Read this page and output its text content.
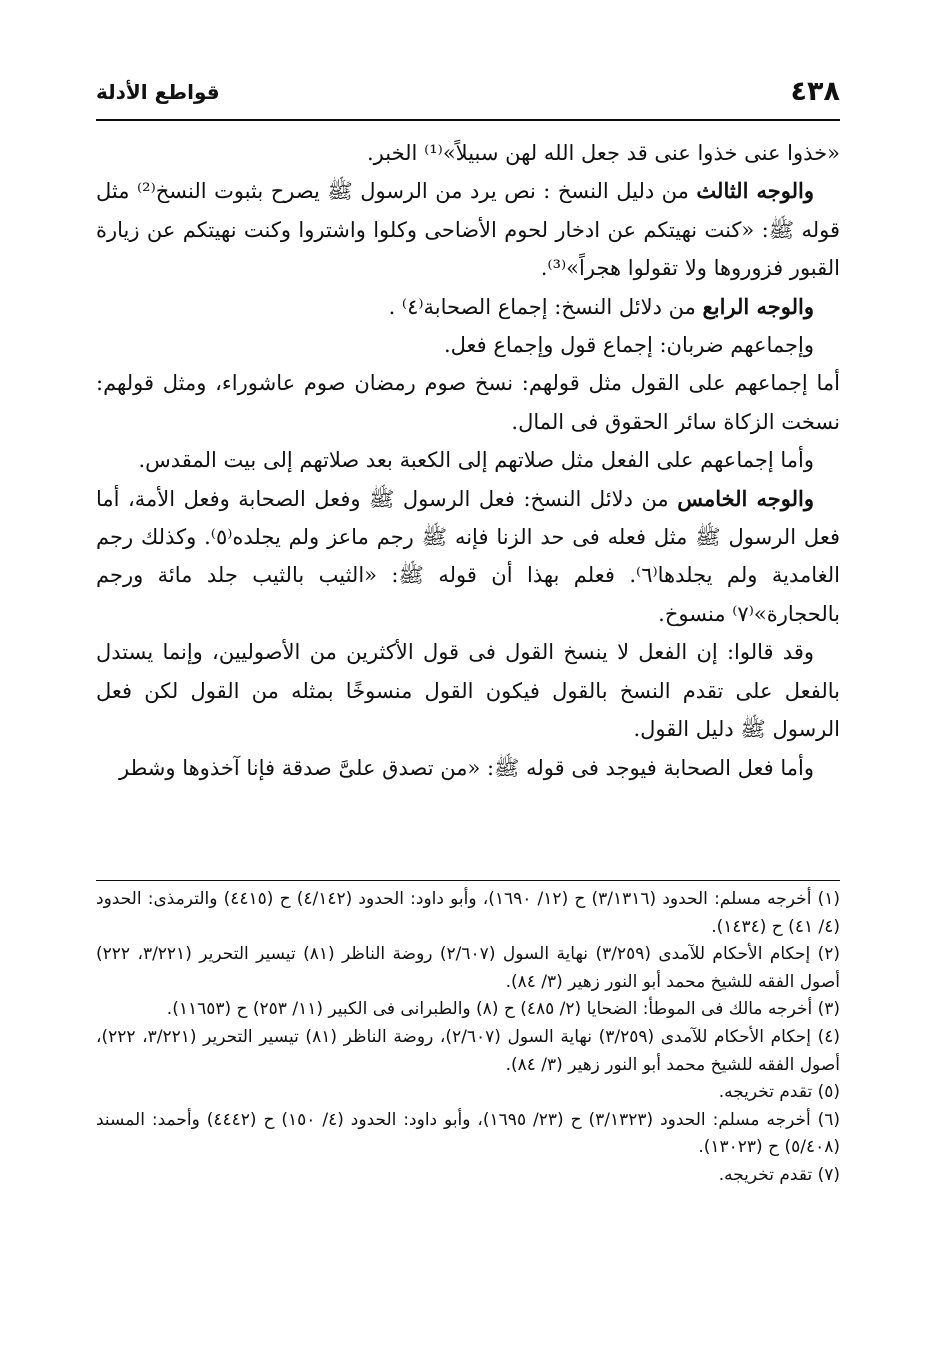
٤٣٨
قواطع الأدلة

«خذوا عنى خذوا عنى قد جعل الله لهن سبيلاً»⁽¹⁾ الخبر.

والوجه الثالث من دليل النسخ : نص يرد من الرسول ﷺ يصرح بثبوت النسخ⁽²⁾ مثل قوله ﷺ: «كنت نهيتكم عن ادخار لحوم الأضاحى وكلوا واشتروا وكنت نهيتكم عن زيارة القبور فزوروها ولا تقولوا هجراً»⁽³⁾.

والوجه الرابع من دلائل النسخ: إجماع الصحابة⁽٤⁾ .

وإجماعهم ضربان: إجماع قول وإجماع فعل.

أما إجماعهم على القول مثل قولهم: نسخ صوم رمضان صوم عاشوراء، ومثل قولهم: نسخت الزكاة سائر الحقوق فى المال.

وأما إجماعهم على الفعل مثل صلاتهم إلى الكعبة بعد صلاتهم إلى بيت المقدس.

والوجه الخامس من دلائل النسخ: فعل الرسول ﷺ وفعل الصحابة وفعل الأمة، أما فعل الرسول ﷺ مثل فعله فى حد الزنا فإنه ﷺ رجم ماعز ولم يجلده⁽٥⁾. وكذلك رجم الغامدية ولم يجلدها⁽٦⁾. فعلم بهذا أن قوله ﷺ: «الثيب بالثيب جلد مائة ورجم بالحجارة»⁽٧⁾ منسوخ.

وقد قالوا: إن الفعل لا ينسخ القول فى قول الأكثرين من الأصوليين، وإنما يستدل بالفعل على تقدم النسخ بالقول فيكون القول منسوخًا بمثله من القول لكن فعل الرسول ﷺ دليل القول.

وأما فعل الصحابة فيوجد فى قوله ﷺ: «من تصدق علىَّ صدقة فإنا آخذوها وشطر

(١) أخرجه مسلم: الحدود (٣/١٣١٦) ح (١٢/ ١٦٩٠)، وأبو داود: الحدود (٤/١٤٢) ح (٤٤١٥) والترمذى: الحدود (٤/ ٤١) ح (١٤٣٤).

(٢) إحكام الأحكام للآمدى (٣/٢٥٩) نهاية السول (٢/٦٠٧) روضة الناظر (٨١) تيسير التحرير (٣/٢٢١، ٢٢٢) أصول الفقه للشيخ محمد أبو النور زهير (٣/ ٨٤).

(٣) أخرجه مالك فى الموطأ: الضحايا (٢/ ٤٨٥) ح (٨) والطبرانى فى الكبير (١١/ ٢٥٣) ح (١١٦٥٣).

(٤) إحكام الأحكام للآمدى (٣/٢٥٩) نهاية السول (٢/٦٠٧)، روضة الناظر (٨١) تيسير التحرير (٣/٢٢١، ٢٢٢)، أصول الفقه للشيخ محمد أبو النور زهير (٣/ ٨٤).

(٥) تقدم تخريجه.

(٦) أخرجه مسلم: الحدود (٣/١٣٢٣) ح (٢٣/ ١٦٩٥)، وأبو داود: الحدود (٤/ ١٥٠) ح (٤٤٤٢) وأحمد: المسند (٥/٤٠٨) ح (١٣٠٢٣).

(٧) تقدم تخريجه.
